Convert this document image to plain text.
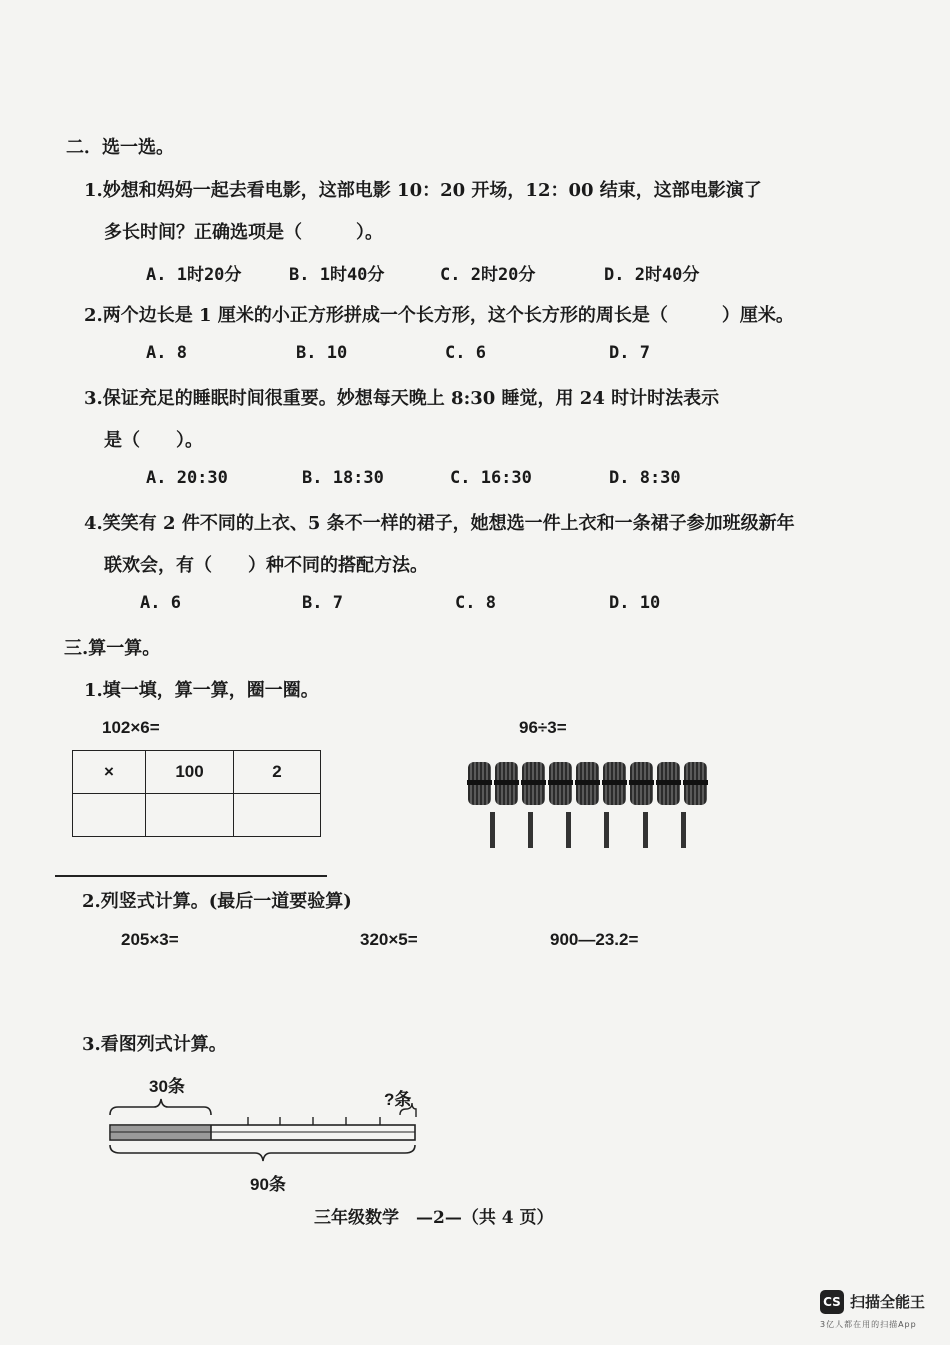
二．选一选。
1.妙想和妈妈一起去看电影，这部电影 10：20 开场，12：00 结束，这部电影演了
多长时间？正确选项是（　　　）。
A. 1时20分	B. 1时40分	C. 2时20分	D. 2时40分
2.两个边长是 1 厘米的小正方形拼成一个长方形，这个长方形的周长是（　　　）厘米。
A. 8	B. 10	C. 6	D. 7
3.保证充足的睡眠时间很重要。妙想每天晚上 8:30 睡觉，用 24 时计时法表示
是（　　）。
A. 20:30	B. 18:30	C. 16:30	D. 8:30
4.笑笑有 2 件不同的上衣、5 条不一样的裙子，她想选一件上衣和一条裙子参加班级新年
联欢会，有（　　）种不同的搭配方法。
A. 6	B. 7	C. 8	D. 10
三.算一算。
1.填一填，算一算，圈一圈。
102×6=	96÷3=
×	100	2

2.列竖式计算。(最后一道要验算)
205×3=	320×5=	900—23.2=
3.看图列式计算。
30条
?条
90条
三年级数学　—2—（共 4 页）
CS 扫描全能王
3亿人都在用的扫描App
